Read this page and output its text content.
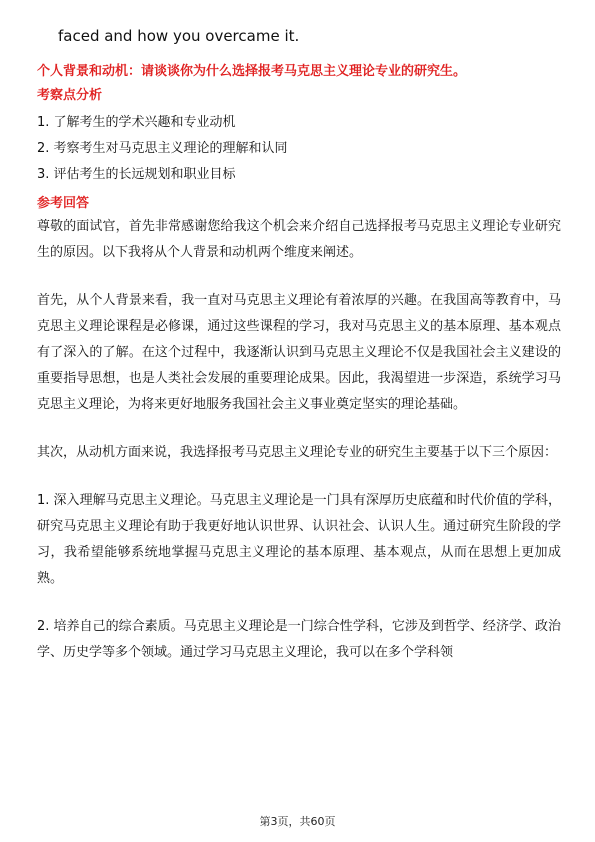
faced and how you overcame it.

个人背景和动机：请谈谈你为什么选择报考马克思主义理论专业的研究生。

考察点分析

1. 了解考生的学术兴趣和专业动机
2. 考察考生对马克思主义理论的理解和认同
3. 评估考生的长远规划和职业目标

参考回答

尊敬的面试官，首先非常感谢您给我这个机会来介绍自己选择报考马克思主义理论专业研究生的原因。以下我将从个人背景和动机两个维度来阐述。

首先，从个人背景来看，我一直对马克思主义理论有着浓厚的兴趣。在我国高等教育中，马克思主义理论课程是必修课，通过这些课程的学习，我对马克思主义的基本原理、基本观点有了深入的了解。在这个过程中，我逐渐认识到马克思主义理论不仅是我国社会主义建设的重要指导思想，也是人类社会发展的重要理论成果。因此，我渴望进一步深造，系统学习马克思主义理论，为将来更好地服务我国社会主义事业奠定坚实的理论基础。

其次，从动机方面来说，我选择报考马克思主义理论专业的研究生主要基于以下三个原因：

1. 深入理解马克思主义理论。马克思主义理论是一门具有深厚历史底蕴和时代价值的学科，研究马克思主义理论有助于我更好地认识世界、认识社会、认识人生。通过研究生阶段的学习，我希望能够系统地掌握马克思主义理论的基本原理、基本观点，从而在思想上更加成熟。

2. 培养自己的综合素质。马克思主义理论是一门综合性学科，它涉及到哲学、经济学、政治学、历史学等多个领域。通过学习马克思主义理论，我可以在多个学科领

第3页，共60页
